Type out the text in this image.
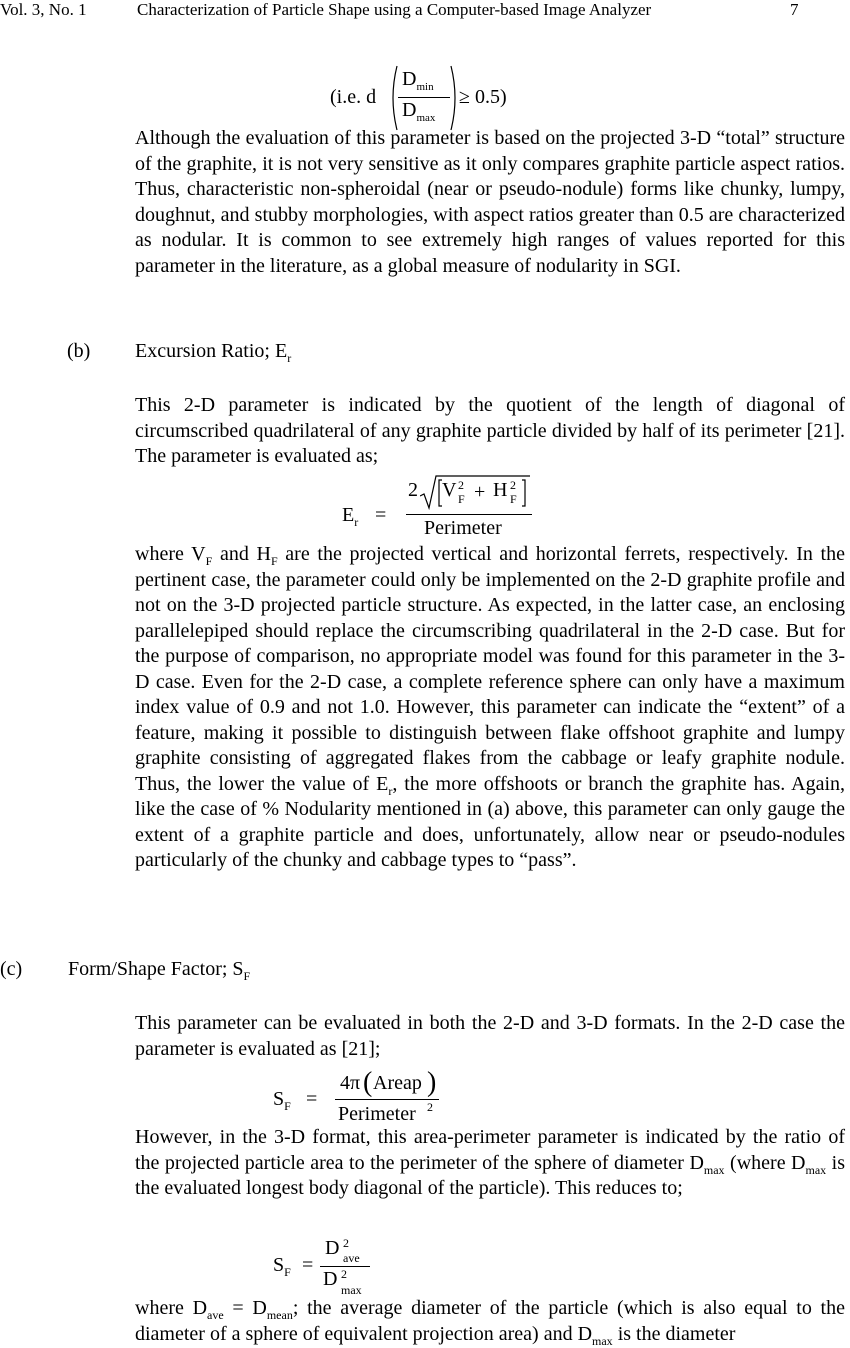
Vol. 3, No. 1	Characterization of Particle Shape using a Computer-based Image Analyzer	7
(i.e. d
$D_{min}$
$D_{max}$
≥ 0.5)

Although the evaluation of this parameter is based on the projected 3-D “total” structure of the graphite, it is not very sensitive as it only compares graphite particle aspect ratios. Thus, characteristic non-spheroidal (near or pseudo-nodule) forms like chunky, lumpy, doughnut, and stubby morphologies, with aspect ratios greater than 0.5 are characterized as nodular. It is common to see extremely high ranges of values reported for this parameter in the literature, as a global measure of nodularity in SGI.

(b) Excursion Ratio; $E_r$

This 2-D parameter is indicated by the quotient of the length of diagonal of circumscribed quadrilateral of any graphite particle divided by half of its perimeter [21]. The parameter is evaluated as;

$E_r$ =
2 V 2
F + H 2
F
Perimeter

where $V_F$ and $H_F$ are the projected vertical and horizontal ferrets, respectively. In the pertinent case, the parameter could only be implemented on the 2-D graphite profile and not on the 3-D projected particle structure. As expected, in the latter case, an enclosing parallelepiped should replace the circumscribing quadrilateral in the 2-D case. But for the purpose of comparison, no appropriate model was found for this parameter in the 3-D case. Even for the 2-D case, a complete reference sphere can only have a maximum index value of 0.9 and not 1.0. However, this parameter can indicate the “extent” of a feature, making it possible to distinguish between flake offshoot graphite and lumpy graphite consisting of aggregated flakes from the cabbage or leafy graphite nodule. Thus, the lower the value of $E_r$, the more offshoots or branch the graphite has. Again, like the case of % Nodularity mentioned in (a) above, this parameter can only gauge the extent of a graphite particle and does, unfortunately, allow near or pseudo-nodules particularly of the chunky and cabbage types to “pass”.

(c) Form/Shape Factor; $S_F$

This parameter can be evaluated in both the 2-D and 3-D formats. In the 2-D case the parameter is evaluated as [21];

$S_F$ =
4π ( Areap )
Perimeter 2

However, in the 3-D format, this area-perimeter parameter is indicated by the ratio of the projected particle area to the perimeter of the sphere of diameter $D_{max}$ (where $D_{max}$ is the evaluated longest body diagonal of the particle). This reduces to;

$S_F$ =
D 2
ave
D 2
max

where $D_{ave} = D_{mean}$; the average diameter of the particle (which is also equal to the diameter of a sphere of equivalent projection area) and $D_{max}$ is the diameter
